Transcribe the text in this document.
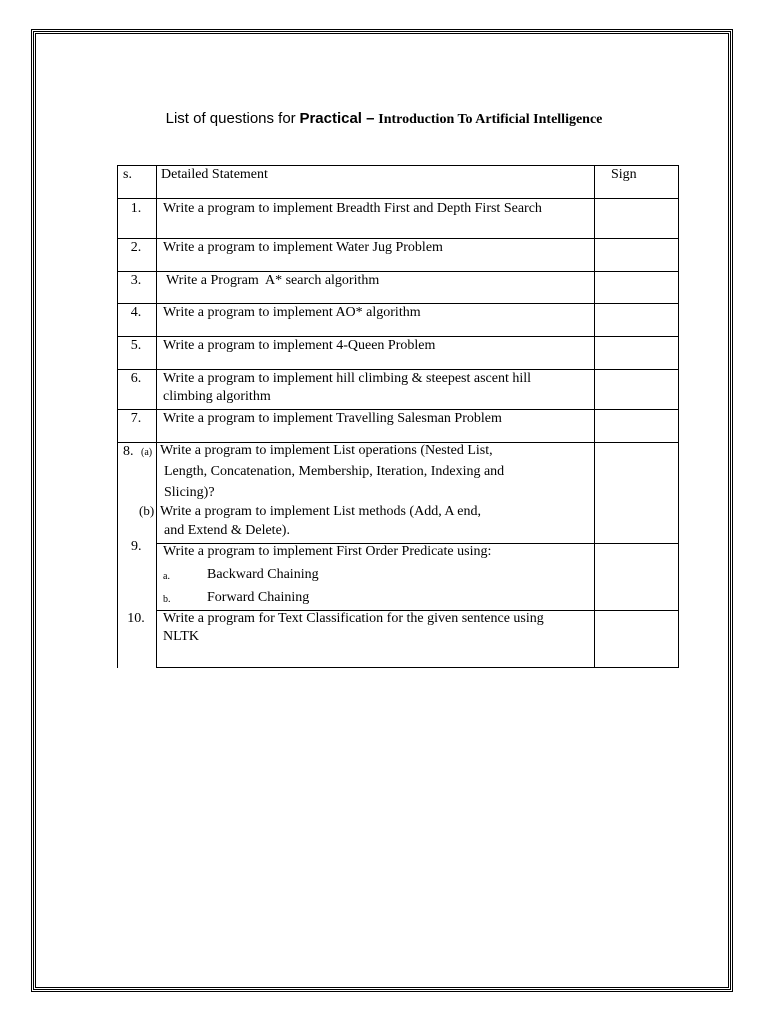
List of questions for Practical – Introduction To Artificial Intelligence
s. Detailed Statement	Sign
1.	Write a program to implement Breadth First and Depth First Search
2.	Write a program to implement Water Jug Problem
3.	Write a Program  A* search algorithm
4.	Write a program to implement AO* algorithm
5.	Write a program to implement 4-Queen Problem
6.	Write a program to implement hill climbing & steepest ascent hill
climbing algorithm
7.	Write a program to implement Travelling Salesman Problem
8. (a) Write a program to implement List operations (Nested List,
Length, Concatenation, Membership, Iteration, Indexing and
Slicing)?
(b) Write a program to implement List methods (Add, A end,
and Extend & Delete).
9. Write a program to implement First Order Predicate using:
a.	Backward Chaining
b.	Forward Chaining
10.	Write a program for Text Classification for the given sentence using
NLTK
